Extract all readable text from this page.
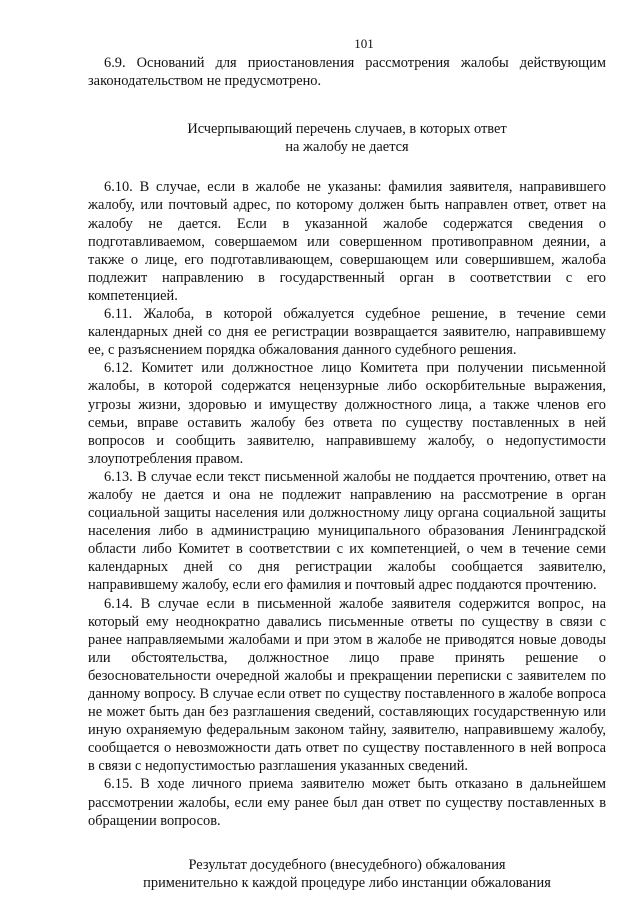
101

6.9. Оснований для приостановления рассмотрения жалобы действующим законодательством не предусмотрено.

Исчерпывающий перечень случаев, в которых ответ
на жалобу не дается

6.10. В случае, если в жалобе не указаны: фамилия заявителя, направившего жалобу, или почтовый адрес, по которому должен быть направлен ответ, ответ на жалобу не дается. Если в указанной жалобе содержатся сведения о подготавливаемом, совершаемом или совершенном противоправном деянии, а также о лице, его подготавливающем, совершающем или совершившем, жалоба подлежит направлению в государственный орган в соответствии с его компетенцией.

6.11. Жалоба, в которой обжалуется судебное решение, в течение семи календарных дней со дня ее регистрации возвращается заявителю, направившему ее, с разъяснением порядка обжалования данного судебного решения.

6.12. Комитет или должностное лицо Комитета при получении письменной жалобы, в которой содержатся нецензурные либо оскорбительные выражения, угрозы жизни, здоровью и имуществу должностного лица, а также членов его семьи, вправе оставить жалобу без ответа по существу поставленных в ней вопросов и сообщить заявителю, направившему жалобу, о недопустимости злоупотребления правом.

6.13. В случае если текст письменной жалобы не поддается прочтению, ответ на жалобу не дается и она не подлежит направлению на рассмотрение в орган социальной защиты населения или должностному лицу органа социальной защиты населения либо в администрацию муниципального образования Ленинградской области либо Комитет в соответствии с их компетенцией, о чем в течение семи календарных дней со дня регистрации жалобы сообщается заявителю, направившему жалобу, если его фамилия и почтовый адрес поддаются прочтению.

6.14. В случае если в письменной жалобе заявителя содержится вопрос, на который ему неоднократно давались письменные ответы по существу в связи с ранее направляемыми жалобами и при этом в жалобе не приводятся новые доводы или обстоятельства, должностное лицо праве принять решение о безосновательности очередной жалобы и прекращении переписки с заявителем по данному вопросу. В случае если ответ по существу поставленного в жалобе вопроса не может быть дан без разглашения сведений, составляющих государственную или иную охраняемую федеральным законом тайну, заявителю, направившему жалобу, сообщается о невозможности дать ответ по существу поставленного в ней вопроса в связи с недопустимостью разглашения указанных сведений.

6.15. В ходе личного приема заявителю может быть отказано в дальнейшем рассмотрении жалобы, если ему ранее был дан ответ по существу поставленных в обращении вопросов.

Результат досудебного (внесудебного) обжалования
применительно к каждой процедуре либо инстанции обжалования
